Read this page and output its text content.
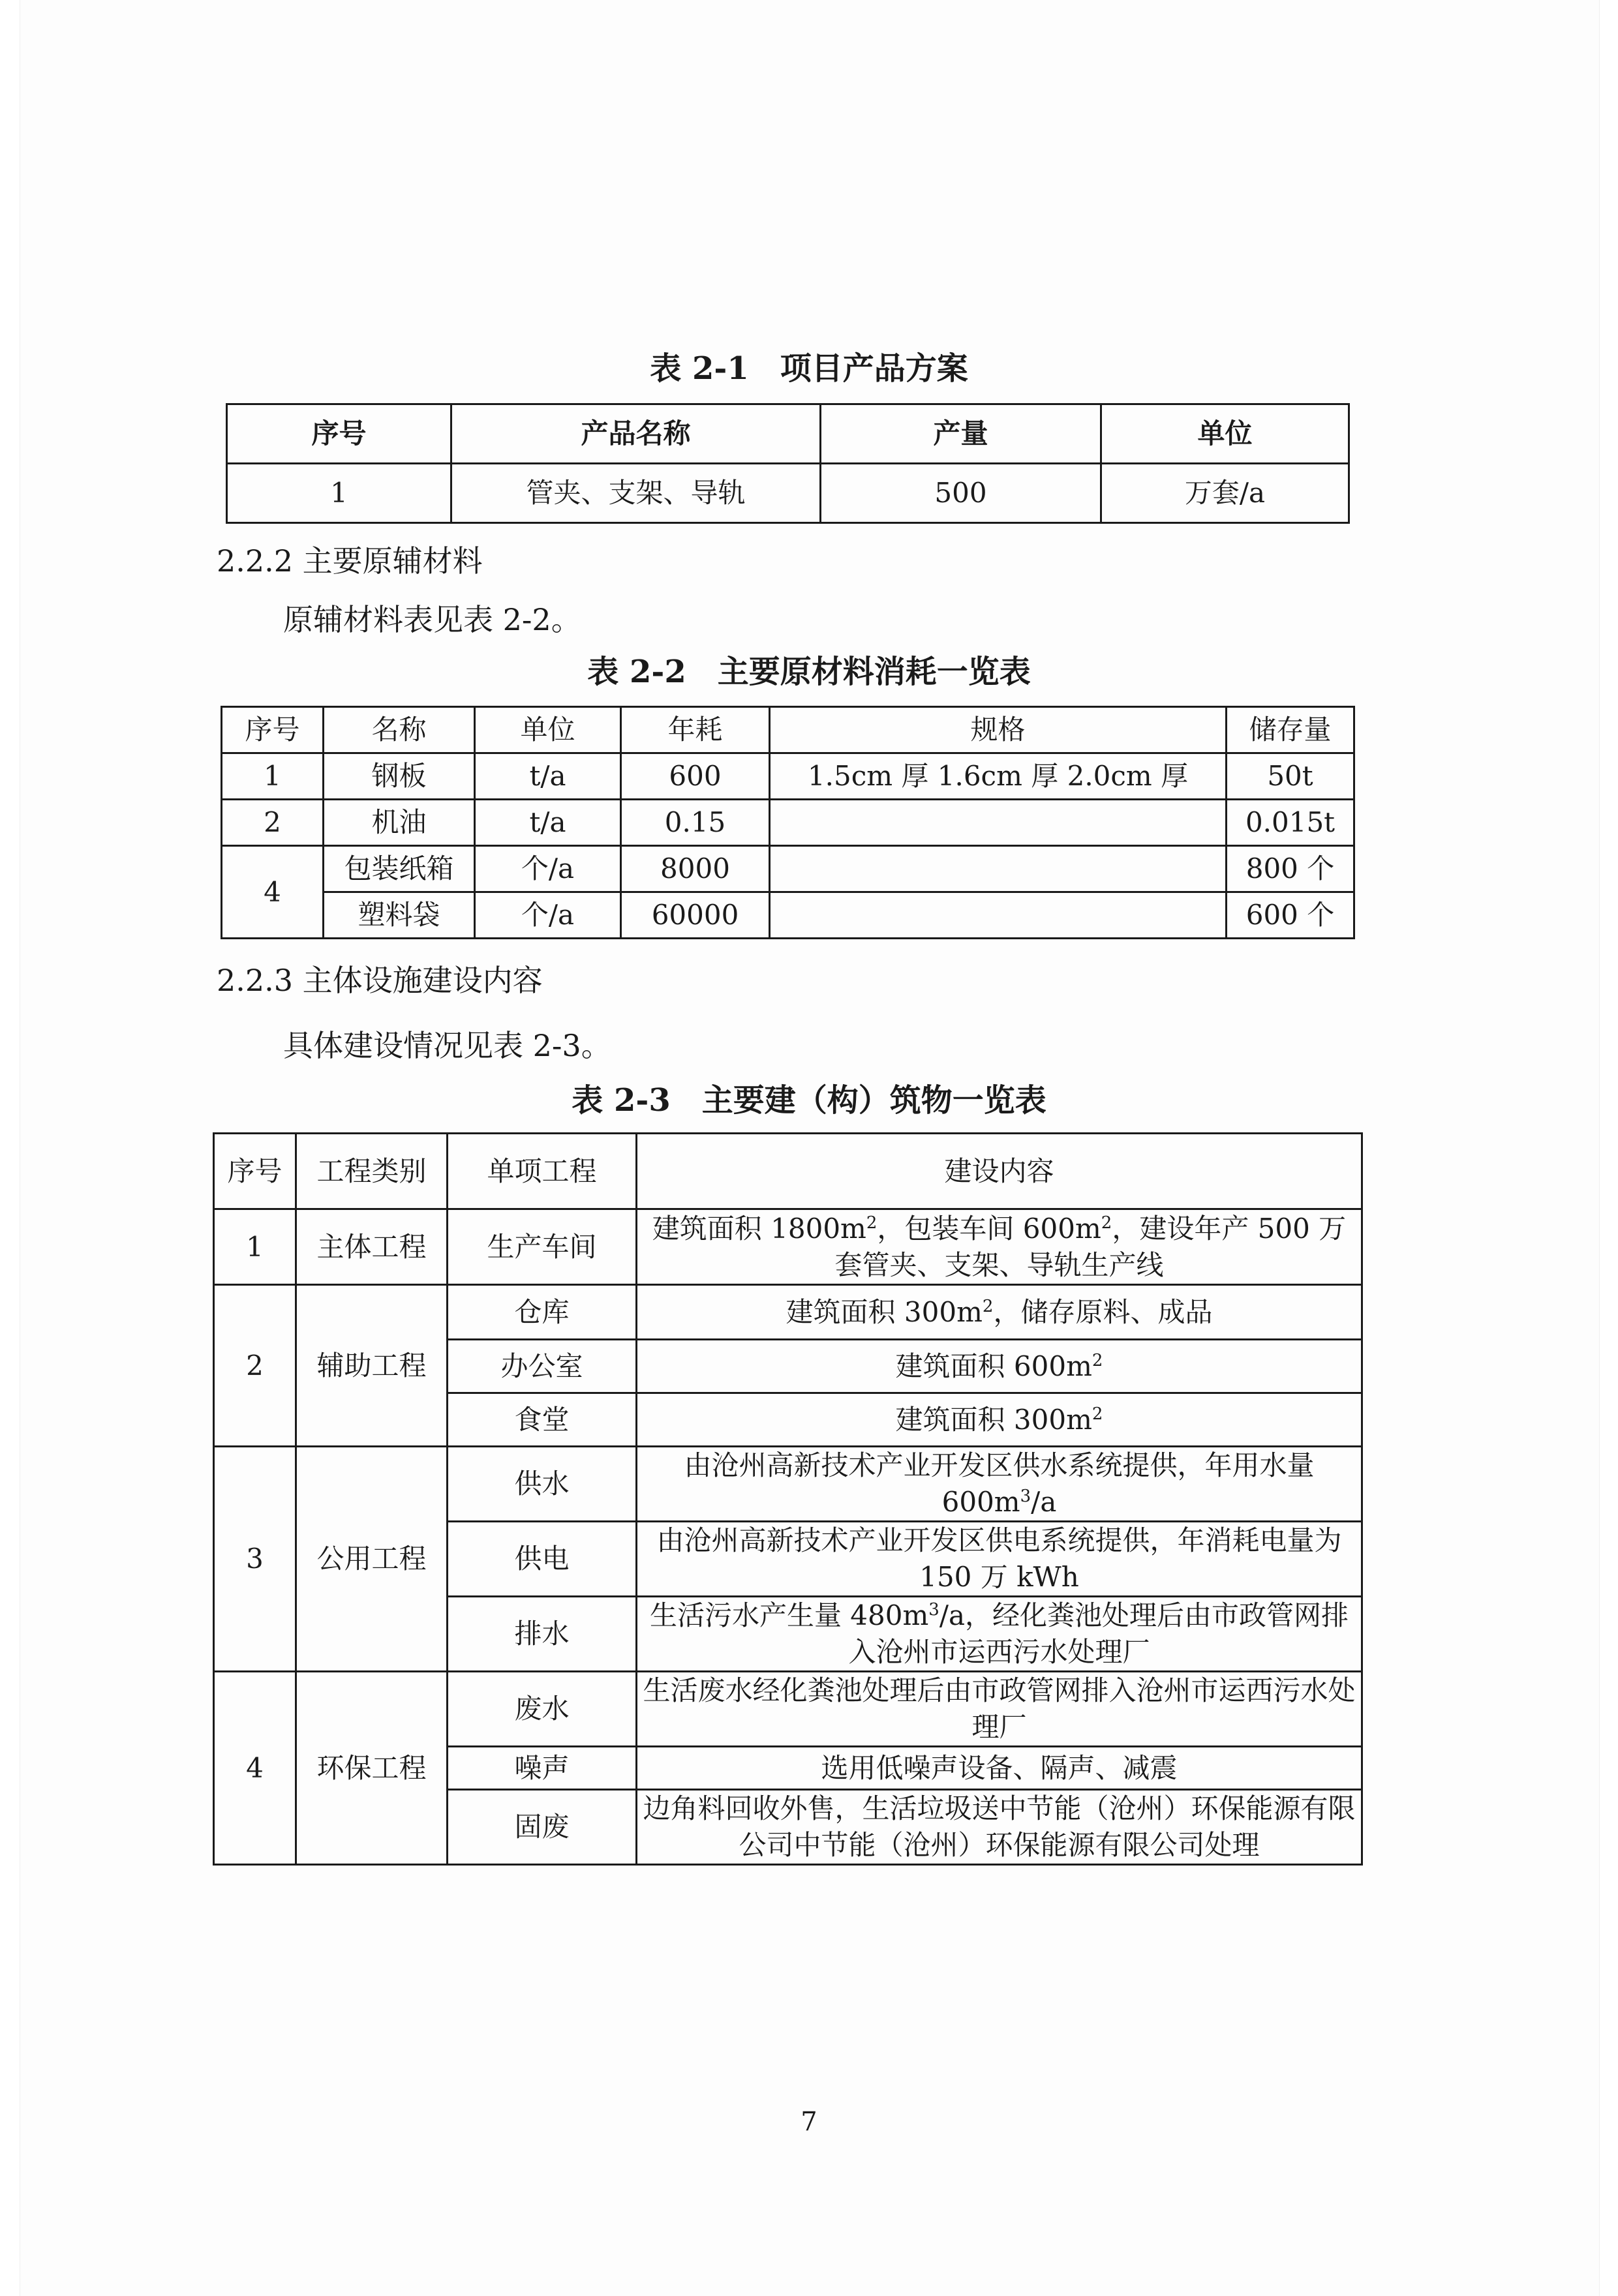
表 2-1　项目产品方案
序号	产品名称	产量	单位
1	管夹、支架、导轨	500	万套/a
2.2.2 主要原辅材料
原辅材料表见表 2-2。
表 2-2　主要原材料消耗一览表
序号	名称	单位	年耗	规格	储存量
1	钢板	t/a	600	1.5cm 厚 1.6cm 厚 2.0cm 厚	50t
2	机油	t/a	0.15		0.015t
4	包装纸箱	个/a	8000		800 个
	塑料袋	个/a	60000		600 个
2.2.3 主体设施建设内容
具体建设情况见表 2-3。
表 2-3　主要建（构）筑物一览表
序号	工程类别	单项工程	建设内容
1	主体工程	生产车间	建筑面积 $1800m^2$，包装车间 $600m^2$，建设年产 500 万套管夹、支架、导轨生产线
2	辅助工程	仓库	建筑面积 $300m^2$，储存原料、成品
		办公室	建筑面积 $600m^2$
		食堂	建筑面积 $300m^2$
3	公用工程	供水	由沧州高新技术产业开发区供水系统提供，年用水量 $600m^3/a$
		供电	由沧州高新技术产业开发区供电系统提供，年消耗电量为 150 万 kWh
		排水	生活污水产生量 $480m^3/a$，经化粪池处理后由市政管网排入沧州市运西污水处理厂
4	环保工程	废水	生活废水经化粪池处理后由市政管网排入沧州市运西污水处理厂
		噪声	选用低噪声设备、隔声、减震
		固废	边角料回收外售，生活垃圾送中节能（沧州）环保能源有限公司中节能（沧州）环保能源有限公司处理
7
